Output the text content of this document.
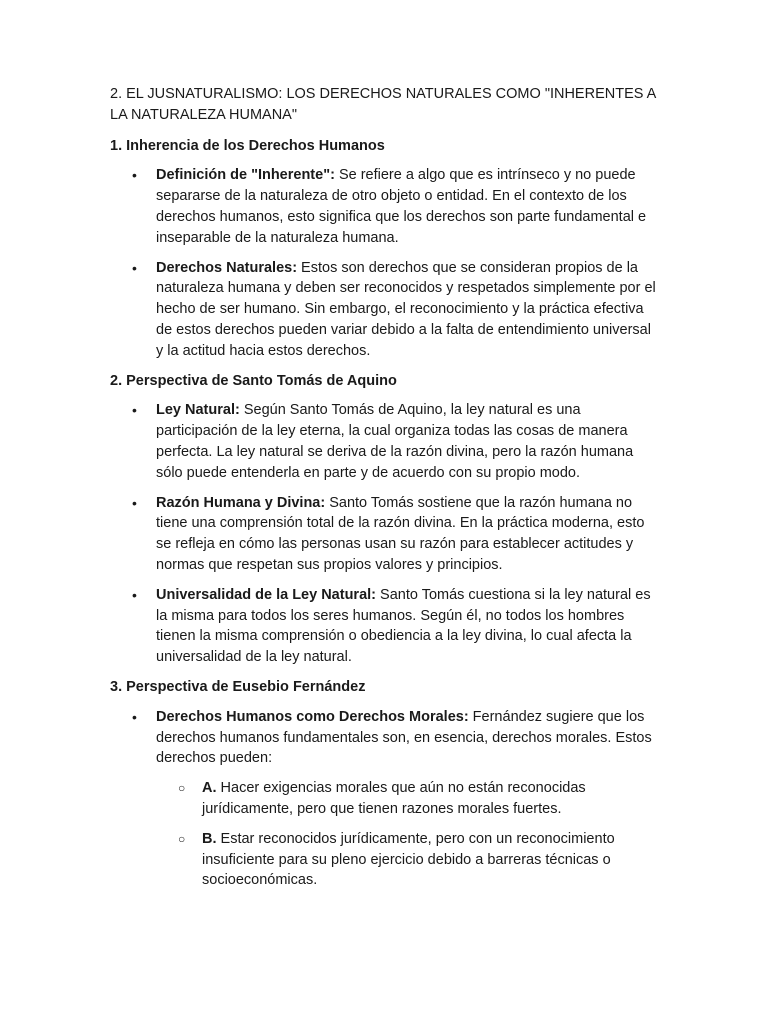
2. EL JUSNATURALISMO: LOS DERECHOS NATURALES COMO "INHERENTES A LA NATURALEZA HUMANA"

1. Inherencia de los Derechos Humanos

• Definición de "Inherente": Se refiere a algo que es intrínseco y no puede separarse de la naturaleza de otro objeto o entidad. En el contexto de los derechos humanos, esto significa que los derechos son parte fundamental e inseparable de la naturaleza humana.
• Derechos Naturales: Estos son derechos que se consideran propios de la naturaleza humana y deben ser reconocidos y respetados simplemente por el hecho de ser humano. Sin embargo, el reconocimiento y la práctica efectiva de estos derechos pueden variar debido a la falta de entendimiento universal y la actitud hacia estos derechos.

2. Perspectiva de Santo Tomás de Aquino

• Ley Natural: Según Santo Tomás de Aquino, la ley natural es una participación de la ley eterna, la cual organiza todas las cosas de manera perfecta. La ley natural se deriva de la razón divina, pero la razón humana sólo puede entenderla en parte y de acuerdo con su propio modo.
• Razón Humana y Divina: Santo Tomás sostiene que la razón humana no tiene una comprensión total de la razón divina. En la práctica moderna, esto se refleja en cómo las personas usan su razón para establecer actitudes y normas que respetan sus propios valores y principios.
• Universalidad de la Ley Natural: Santo Tomás cuestiona si la ley natural es la misma para todos los seres humanos. Según él, no todos los hombres tienen la misma comprensión o obediencia a la ley divina, lo cual afecta la universalidad de la ley natural.

3. Perspectiva de Eusebio Fernández

• Derechos Humanos como Derechos Morales: Fernández sugiere que los derechos humanos fundamentales son, en esencia, derechos morales. Estos derechos pueden:
○ A. Hacer exigencias morales que aún no están reconocidas jurídicamente, pero que tienen razones morales fuertes.
○ B. Estar reconocidos jurídicamente, pero con un reconocimiento insuficiente para su pleno ejercicio debido a barreras técnicas o socioeconómicas.
